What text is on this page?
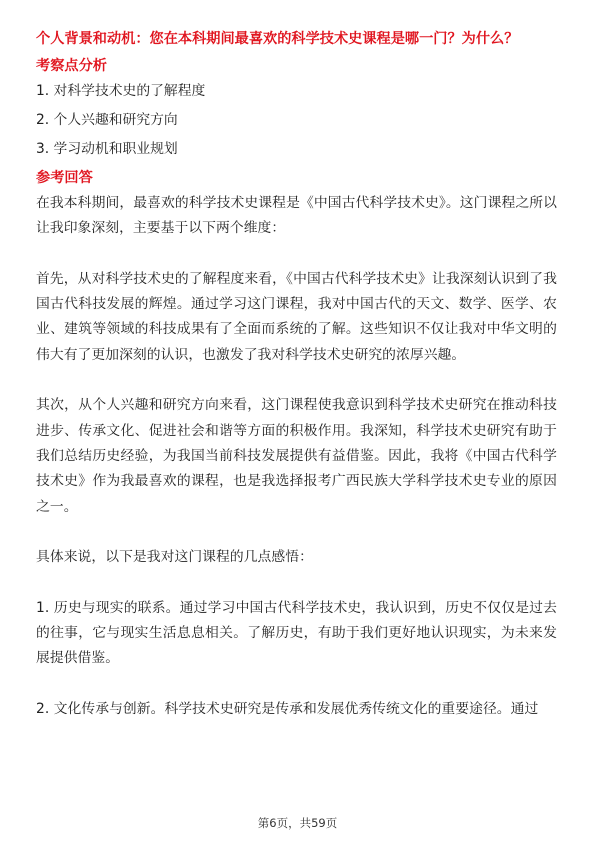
个人背景和动机：您在本科期间最喜欢的科学技术史课程是哪一门？为什么？
考察点分析
1. 对科学技术史的了解程度
2. 个人兴趣和研究方向
3. 学习动机和职业规划
参考回答

在我本科期间，最喜欢的科学技术史课程是《中国古代科学技术史》。这门课程之所以让我印象深刻，主要基于以下两个维度：

首先，从对科学技术史的了解程度来看，《中国古代科学技术史》让我深刻认识到了我国古代科技发展的辉煌。通过学习这门课程，我对中国古代的天文、数学、医学、农业、建筑等领域的科技成果有了全面而系统的了解。这些知识不仅让我对中华文明的伟大有了更加深刻的认识，也激发了我对科学技术史研究的浓厚兴趣。

其次，从个人兴趣和研究方向来看，这门课程使我意识到科学技术史研究在推动科技进步、传承文化、促进社会和谐等方面的积极作用。我深知，科学技术史研究有助于我们总结历史经验，为我国当前科技发展提供有益借鉴。因此，我将《中国古代科学技术史》作为我最喜欢的课程，也是我选择报考广西民族大学科学技术史专业的原因之一。

具体来说，以下是我对这门课程的几点感悟：

1. 历史与现实的联系。通过学习中国古代科学技术史，我认识到，历史不仅仅是过去的往事，它与现实生活息息相关。了解历史，有助于我们更好地认识现实，为未来发展提供借鉴。

2. 文化传承与创新。科学技术史研究是传承和发展优秀传统文化的重要途径。通过

第6页，共59页
